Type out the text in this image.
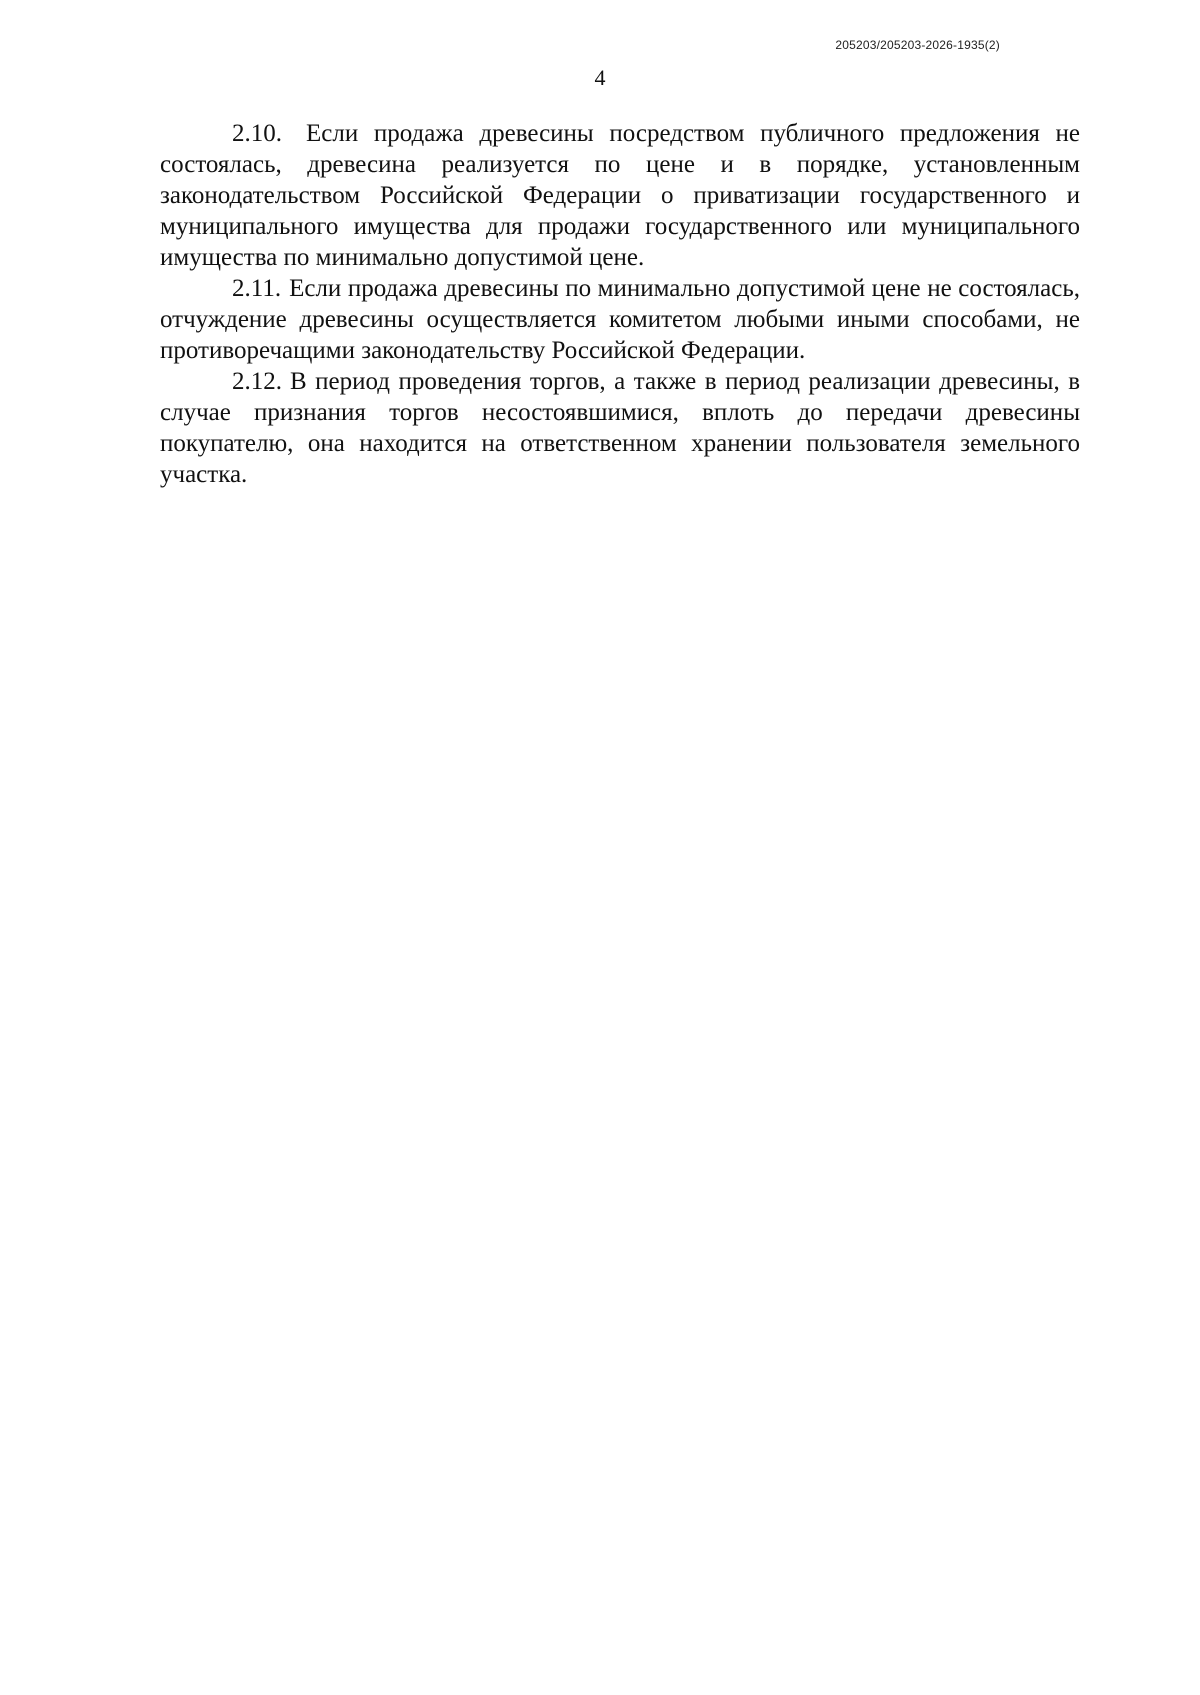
205203/205203-2026-1935(2)
4

2.10. Если продажа древесины посредством публичного предложения не состоялась, древесина реализуется по цене и в порядке, установленным законодательством Российской Федерации о приватизации государственного и муниципального имущества для продажи государственного или муниципального имущества по минимально допустимой цене.

2.11. Если продажа древесины по минимально допустимой цене не состоялась, отчуждение древесины осуществляется комитетом любыми иными способами, не противоречащими законодательству Российской Федерации.

2.12. В период проведения торгов, а также в период реализации древесины, в случае признания торгов несостоявшимися, вплоть до передачи древесины покупателю, она находится на ответственном хранении пользователя земельного участка.
